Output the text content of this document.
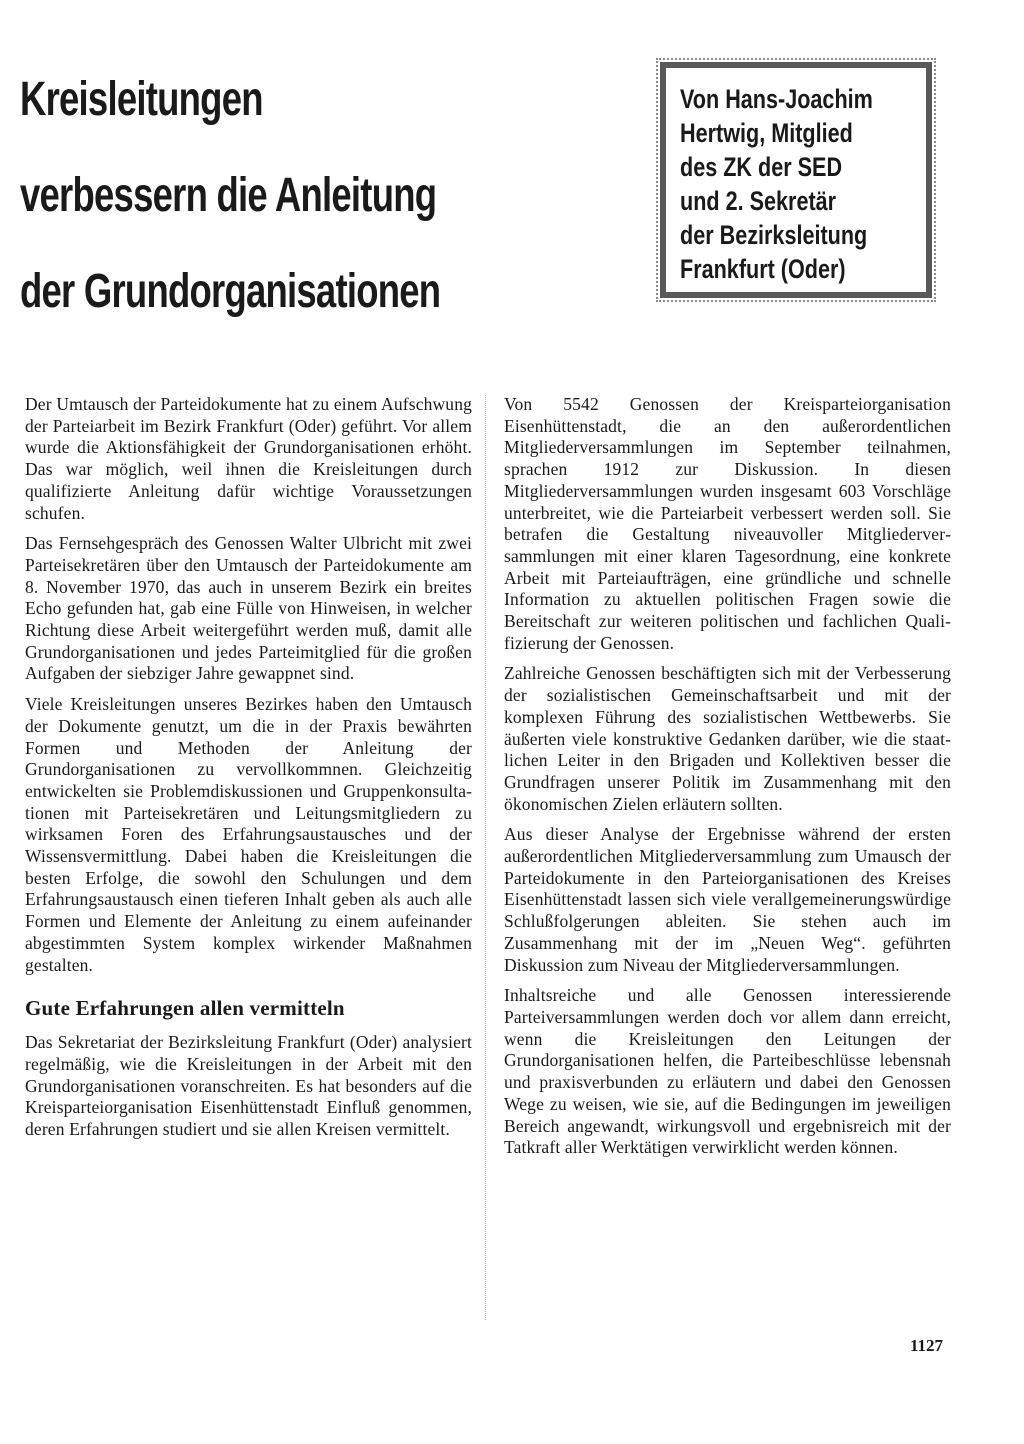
Kreisleitungen
verbessern die Anleitung
der Grundorganisationen
Von Hans-Joachim
Hertwig, Mitglied
des ZK der SED
und 2. Sekretär
der Bezirksleitung
Frankfurt (Oder)

Der Umtausch der Parteidokumente hat zu einem Aufschwung der Parteiarbeit im Bezirk Frankfurt (Oder) geführt. Vor allem wurde die Aktionsfähigkeit der Grundorganisationen erhöht. Das war möglich, weil ihnen die Kreisleitungen durch qualifizierte Anleitung dafür wichtige Voraussetzungen schufen.

Das Fernsehgespräch des Genossen Walter Ulbricht mit zwei Parteisekretären über den Umtausch der Parteidokumente am 8. November 1970, das auch in unserem Bezirk ein breites Echo gefunden hat, gab eine Fülle von Hinweisen, in welcher Richtung diese Arbeit weitergeführt werden muß, damit alle Grundorganisationen und jedes Parteimitglied für die großen Aufgaben der siebziger Jahre gewappnet sind.

Viele Kreisleitungen unseres Bezirkes haben den Umtausch der Dokumente genutzt, um die in der Praxis bewährten Formen und Methoden der Anleitung der Grundorganisationen zu vervollkommnen. Gleichzeitig entwickelten sie Problemdiskussionen und Gruppenkonsultationen mit Parteisekretären und Leitungsmitgliedern zu wirksamen Foren des Erfahrungsaustausches und der Wissensvermittlung. Dabei haben die Kreisleitungen die besten Erfolge, die sowohl den Schulungen und dem Erfahrungsaustausch einen tieferen Inhalt geben als auch alle Formen und Elemente der Anleitung zu einem aufeinander abgestimmten System komplex wirkender Maßnahmen gestalten.

Gute Erfahrungen allen vermitteln

Das Sekretariat der Bezirksleitung Frankfurt (Oder) analysiert regelmäßig, wie die Kreisleitungen in der Arbeit mit den Grundorganisationen voranschreiten. Es hat besonders auf die Kreisparteiorganisation Eisenhüttenstadt Einfluß genommen, deren Erfahrungen studiert und sie allen Kreisen vermittelt.

Von 5542 Genossen der Kreisparteiorganisation Eisenhüttenstadt, die an den außerordentlichen Mitgliederversammlungen im September teilnahmen, sprachen 1912 zur Diskussion. In diesen Mitgliederversammlungen wurden insgesamt 603 Vorschläge unterbreitet, wie die Parteiarbeit verbessert werden soll. Sie betrafen die Gestaltung niveauvoller Mitgliederversammlungen mit einer klaren Tagesordnung, eine konkrete Arbeit mit Parteiaufträgen, eine gründliche und schnelle Information zu aktuellen politischen Fragen sowie die Bereitschaft zur weiteren politischen und fachlichen Qualifizierung der Genossen.

Zahlreiche Genossen beschäftigten sich mit der Verbesserung der sozialistischen Gemeinschaftsarbeit und mit der komplexen Führung des sozialistischen Wettbewerbs. Sie äußerten viele konstruktive Gedanken darüber, wie die staatlichen Leiter in den Brigaden und Kollektiven besser die Grundfragen unserer Politik im Zusammenhang mit den ökonomischen Zielen erläutern sollten.

Aus dieser Analyse der Ergebnisse während der ersten außerordentlichen Mitgliederversammlung zum Umausch der Parteidokumente in den Parteiorganisationen des Kreises Eisenhüttenstadt lassen sich viele verallgemeinerungswürdige Schlußfolgerungen ableiten. Sie stehen auch im Zusammenhang mit der im „Neuen Weg“. geführten Diskussion zum Niveau der Mitgliederversammlungen.

Inhaltsreiche und alle Genossen interessierende Parteiversammlungen werden doch vor allem dann erreicht, wenn die Kreisleitungen den Leitungen der Grundorganisationen helfen, die Parteibeschlüsse lebensnah und praxisverbunden zu erläutern und dabei den Genossen Wege zu weisen, wie sie, auf die Bedingungen im jeweiligen Bereich angewandt, wirkungsvoll und ergebnisreich mit der Tatkraft aller Werktätigen verwirklicht werden können.

1127
